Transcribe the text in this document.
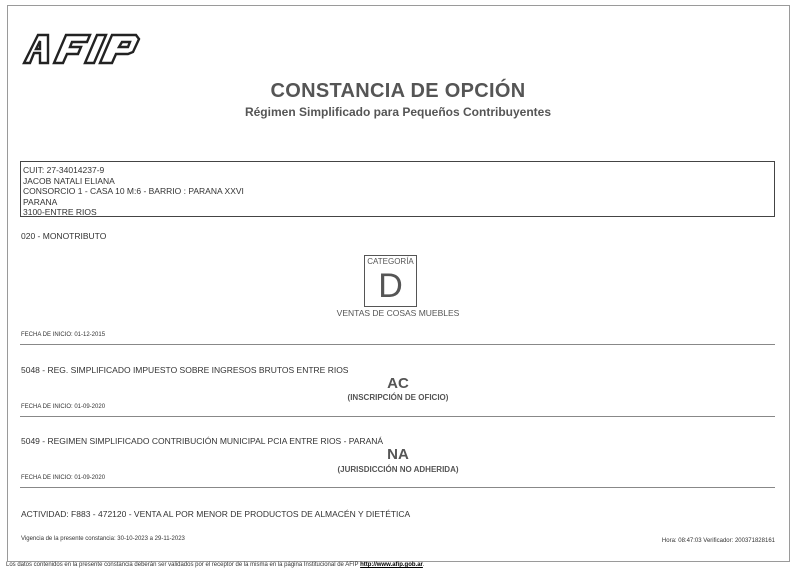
CONSTANCIA DE OPCIÓN
Régimen Simplificado para Pequeños Contribuyentes
CUIT: 27-34014237-9
JACOB NATALI ELIANA
CONSORCIO 1 - CASA 10 M:6 - BARRIO : PARANA XXVI
PARANA
3100-ENTRE RIOS
020 - MONOTRIBUTO
CATEGORÍA
D
VENTAS DE COSAS MUEBLES
FECHA DE INICIO: 01-12-2015
5048 - REG. SIMPLIFICADO IMPUESTO SOBRE INGRESOS BRUTOS ENTRE RIOS
AC
(INSCRIPCIÓN DE OFICIO)
FECHA DE INICIO: 01-09-2020
5049 - REGIMEN SIMPLIFICADO CONTRIBUCIÓN MUNICIPAL PCIA ENTRE RIOS - PARANÁ
NA
(JURISDICCIÓN NO ADHERIDA)
FECHA DE INICIO: 01-09-2020
ACTIVIDAD: F883 - 472120 - VENTA AL POR MENOR DE PRODUCTOS DE ALMACÉN Y DIETÉTICA
Vigencia de la presente constancia: 30-10-2023 a 29-11-2023	Hora: 08:47:03 Verificador: 200371828161
Los datos contenidos en la presente constancia deberán ser validados por el receptor de la misma en la página Institucional de AFIP http://www.afip.gob.ar.
